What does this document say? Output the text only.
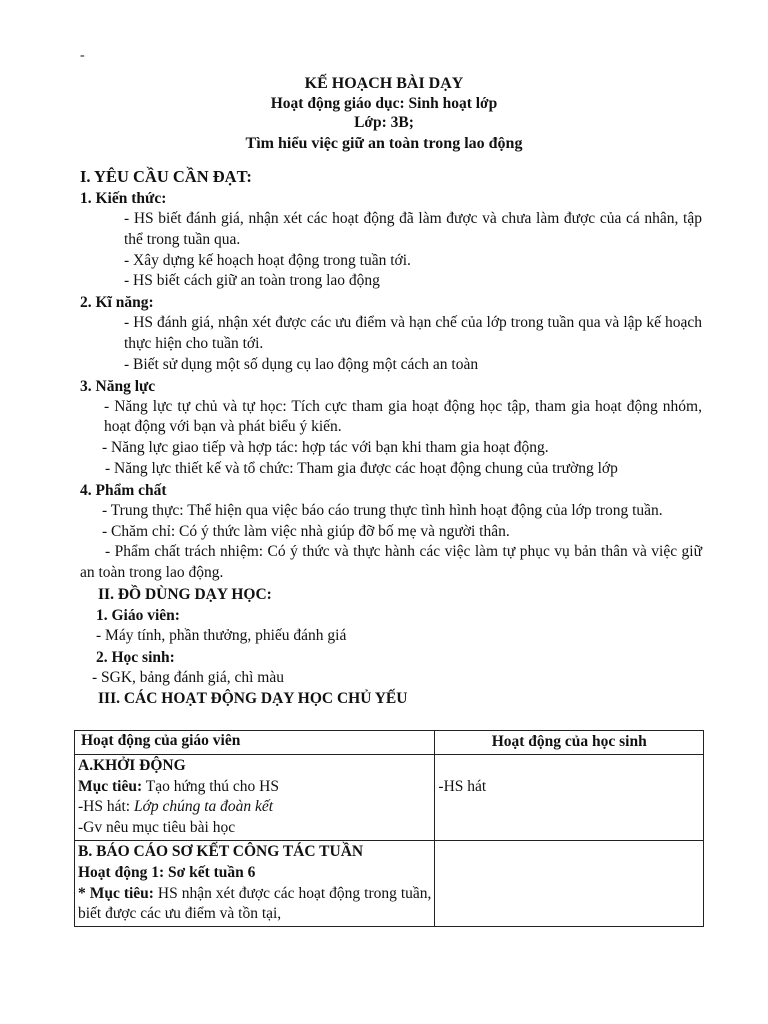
-
KẾ HOẠCH BÀI DẠY
Hoạt động giáo dục: Sinh hoạt lớp
Lớp: 3B;
Tìm hiểu việc giữ an toàn trong lao động
I. YÊU CẦU CẦN ĐẠT:
1. Kiến thức:
- HS biết đánh giá, nhận xét các hoạt động đã làm được và chưa làm được của cá nhân, tập thể trong tuần qua.
- Xây dựng kế hoạch hoạt động trong tuần tới.
- HS biết cách giữ an toàn trong lao động
2. Kĩ năng:
- HS đánh giá, nhận xét được các ưu điểm và hạn chế của lớp trong tuần qua và lập kế hoạch thực hiện cho tuần tới.
- Biết sử dụng một số dụng cụ lao động một cách an toàn
3. Năng lực
- Năng lực tự chủ và tự học: Tích cực tham gia hoạt động học tập, tham gia hoạt động nhóm, hoạt động với bạn và phát biểu ý kiến.
- Năng lực giao tiếp và hợp tác: hợp tác với bạn khi tham gia hoạt động.
- Năng lực thiết kế và tổ chức: Tham gia được các hoạt động chung của trường lớp
4. Phẩm chất
- Trung thực: Thể hiện qua việc báo cáo trung thực tình hình hoạt động của lớp trong tuần.
- Chăm chỉ: Có ý thức làm việc nhà giúp đỡ bố mẹ và người thân.
- Phẩm chất trách nhiệm: Có ý thức và thực hành các việc làm tự phục vụ bản thân và việc giữ an toàn trong lao động.
II. ĐỒ DÙNG DẠY HỌC:
1. Giáo viên:
- Máy tính, phần thưởng, phiếu đánh giá
2. Học sinh:
- SGK, bảng đánh giá, chì màu
III. CÁC HOẠT ĐỘNG DẠY HỌC CHỦ YẾU
Hoạt động của giáo viên	Hoạt động của học sinh

A.KHỞI ĐỘNG
Mục tiêu: Tạo hứng thú cho HS
-HS hát: Lớp chúng ta đoàn kết
-Gv nêu mục tiêu bài học	-HS hát

B. BÁO CÁO SƠ KẾT CÔNG TÁC TUẦN
Hoạt động 1: Sơ kết tuần 6
* Mục tiêu: HS nhận xét được các hoạt động trong tuần, biết được các ưu điểm và tồn tại,	
